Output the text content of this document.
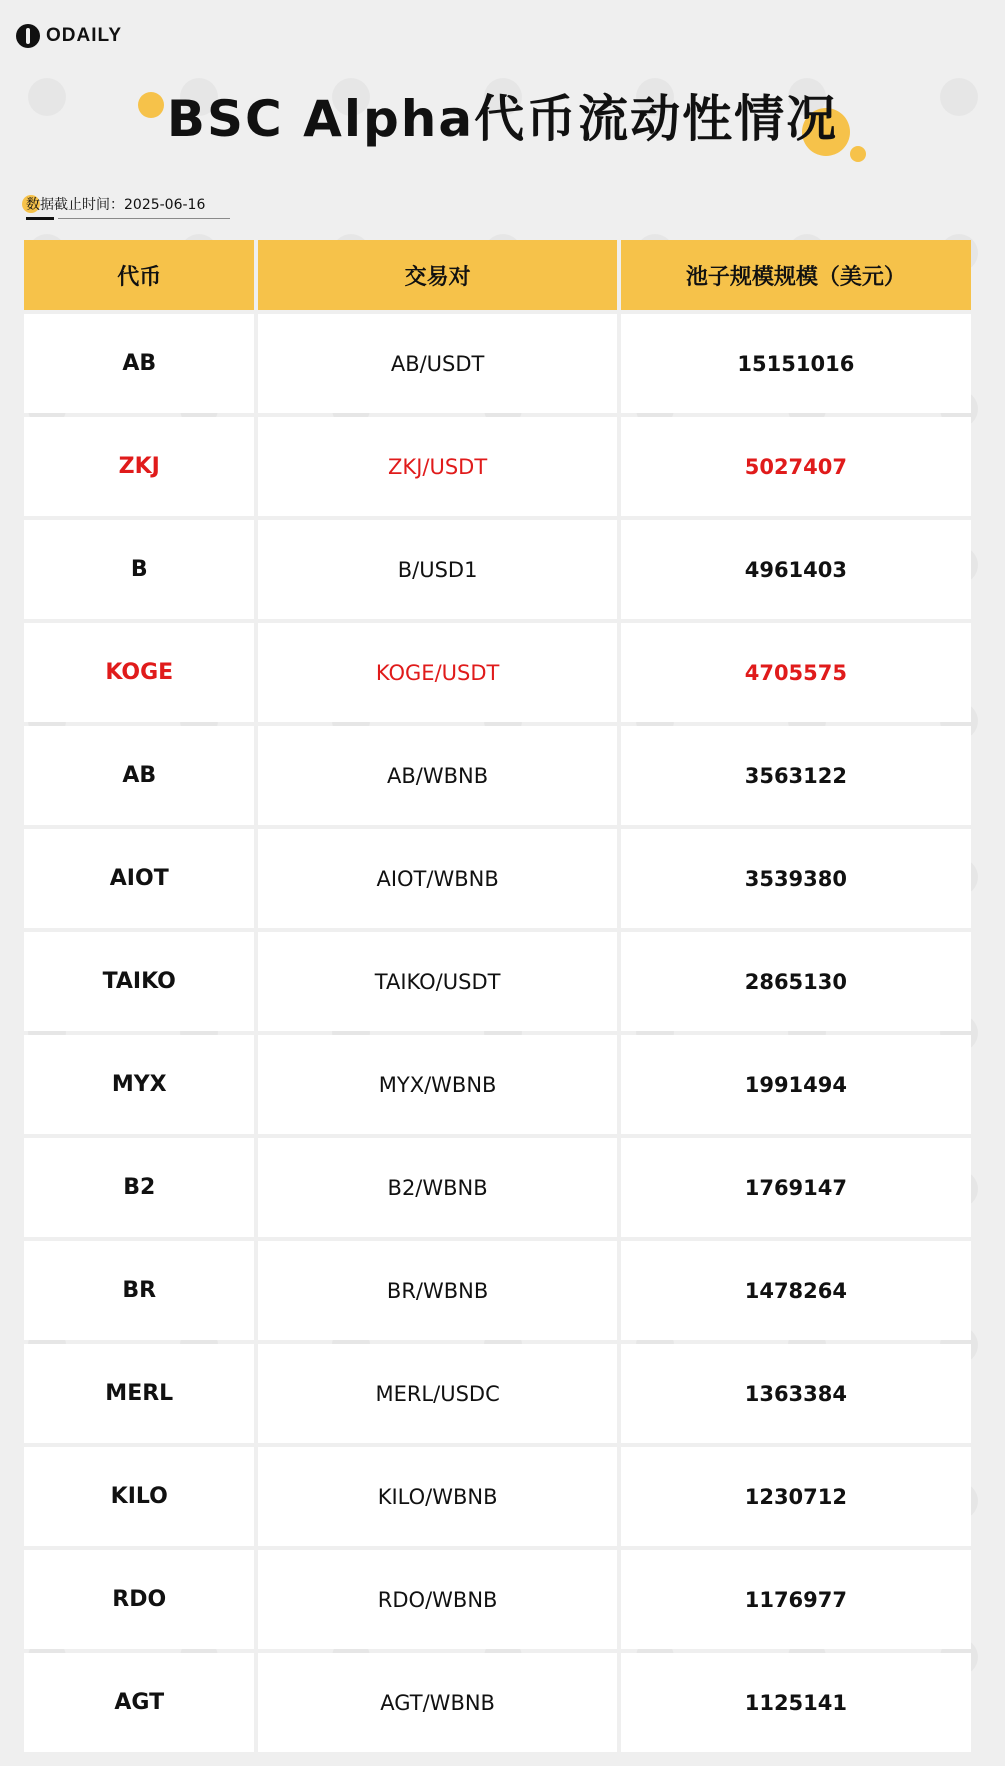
ODAILY
BSC Alpha代币流动性情况
数据截止时间：2025-06-16
代币	交易对	池子规模规模（美元）
AB	AB/USDT	15151016
ZKJ	ZKJ/USDT	5027407
B	B/USD1	4961403
KOGE	KOGE/USDT	4705575
AB	AB/WBNB	3563122
AIOT	AIOT/WBNB	3539380
TAIKO	TAIKO/USDT	2865130
MYX	MYX/WBNB	1991494
B2	B2/WBNB	1769147
BR	BR/WBNB	1478264
MERL	MERL/USDC	1363384
KILO	KILO/WBNB	1230712
RDO	RDO/WBNB	1176977
AGT	AGT/WBNB	1125141
